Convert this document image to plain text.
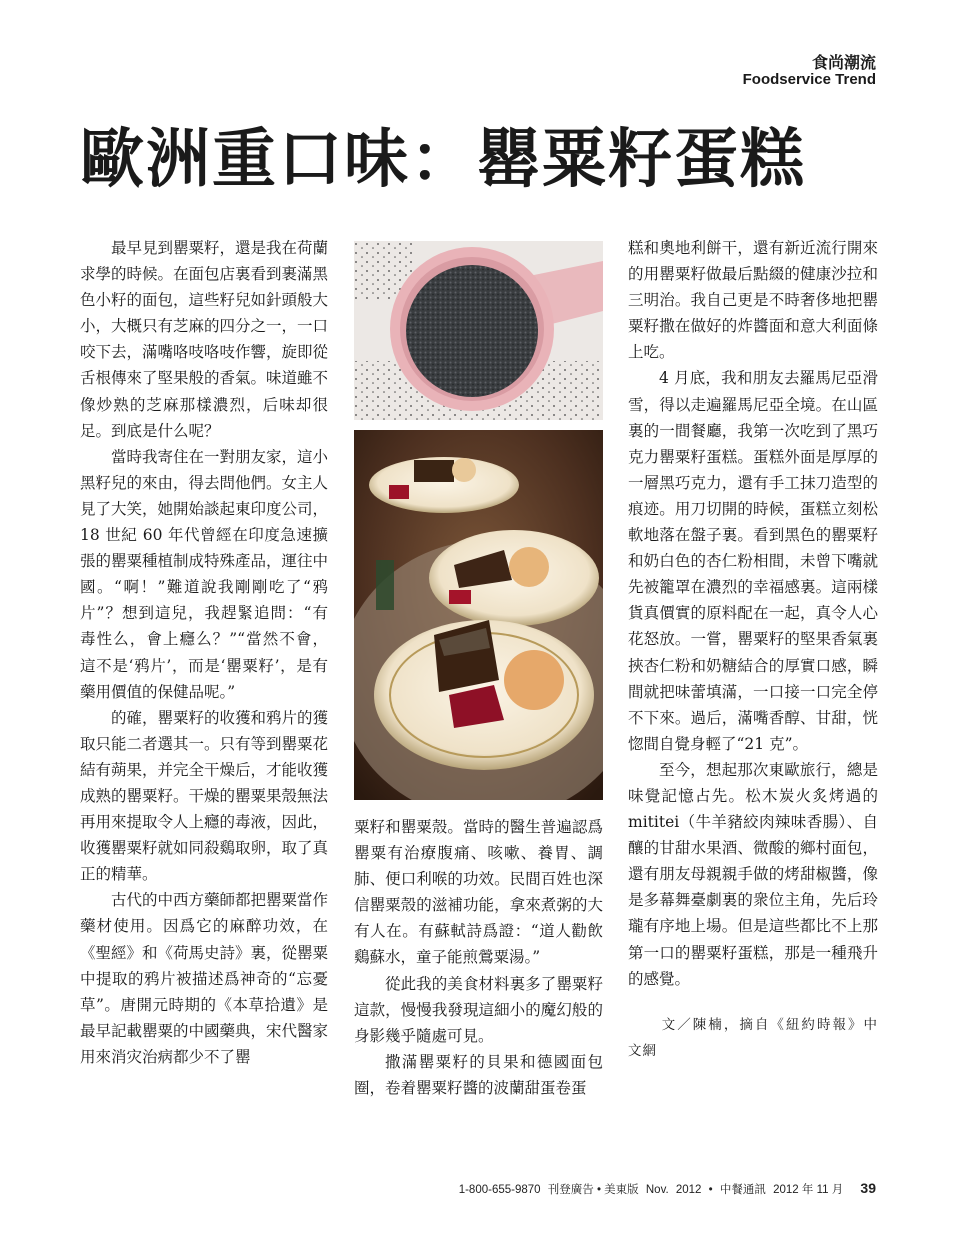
食尚潮流
Foodservice Trend
歐洲重口味：罌粟籽蛋糕

最早見到罌粟籽，還是我在荷蘭求學的時候。在面包店裏看到裹滿黑色小籽的面包，這些籽兒如針頭般大小，大概只有芝麻的四分之一，一口咬下去，滿嘴咯吱咯吱作響，旋即從舌根傳來了堅果般的香氣。味道雖不像炒熟的芝麻那樣濃烈，后味却很足。到底是什么呢？

當時我寄住在一對朋友家，這小黑籽兒的來由，得去問他們。女主人見了大笑，她開始談起東印度公司，18 世紀 60 年代曾經在印度急速擴張的罌粟種植制成特殊產品，運往中國。“啊！”難道說我剛剛吃了“鸦片”？想到這兒，我趕緊追問：“有毒性么，會上癮么？”“當然不會，這不是‘鸦片’，而是‘罌粟籽’，是有藥用價值的保健品呢。”

的確，罌粟籽的收獲和鸦片的獲取只能二者選其一。只有等到罌粟花結有蒴果，并完全干燥后，才能收獲成熟的罌粟籽。干燥的罌粟果殼無法再用來提取令人上癮的毒液，因此，收獲罌粟籽就如同殺鷄取卵，取了真正的精華。

古代的中西方藥師都把罌粟當作藥材使用。因爲它的麻醉功效，在《聖經》和《荷馬史詩》裏，從罌粟中提取的鸦片被描述爲神奇的“忘憂草”。唐開元時期的《本草拾遺》是最早記載罌粟的中國藥典，宋代醫家用來消灾治病都少不了罌

粟籽和罌粟殼。當時的醫生普遍認爲罌粟有治療腹痛、咳嗽、養胃、調肺、便口利喉的功效。民間百姓也深信罌粟殼的滋補功能，拿來煮粥的大有人在。有蘇軾詩爲證：“道人勸飲鷄蘇水，童子能煎鶯粟湯。”

從此我的美食材料裏多了罌粟籽這款，慢慢我發現這細小的魔幻般的身影幾乎隨處可見。

撒滿罌粟籽的貝果和德國面包圈，卷着罌粟籽醬的波蘭甜蛋卷蛋

糕和奧地利餅干，還有新近流行開來的用罌粟籽做最后點綴的健康沙拉和三明治。我自己更是不時奢侈地把罌粟籽撒在做好的炸醬面和意大利面條上吃。

4 月底，我和朋友去羅馬尼亞滑雪，得以走遍羅馬尼亞全境。在山區裏的一間餐廳，我第一次吃到了黑巧克力罌粟籽蛋糕。蛋糕外面是厚厚的一層黑巧克力，還有手工抹刀造型的痕迹。用刀切開的時候，蛋糕立刻松軟地落在盤子裏。看到黑色的罌粟籽和奶白色的杏仁粉相間，未曾下嘴就先被籠罩在濃烈的幸福感裏。這兩樣貨真價實的原料配在一起，真令人心花怒放。一嘗，罌粟籽的堅果香氣裏挾杏仁粉和奶糖結合的厚實口感，瞬間就把味蕾填滿，一口接一口完全停不下來。過后，滿嘴香醇、甘甜，恍惚間自覺身輕了“21 克”。

至今，想起那次東歐旅行，總是味覺記憶占先。松木炭火炙烤過的 mititei（牛羊豬絞肉辣味香腸）、自釀的甘甜水果酒、微酸的鄉村面包，還有朋友母親親手做的烤甜椒醬，像是多幕舞臺劇裏的衆位主角，先后玲瓏有序地上場。但是這些都比不上那第一口的罌粟籽蛋糕，那是一種飛升的感覺。

文／陳楠，摘自《紐約時報》中文網
1-800-655-9870 刊登廣告 • 美東版 Nov. 2012 • 中餐通訊 2012 年 11 月 39
